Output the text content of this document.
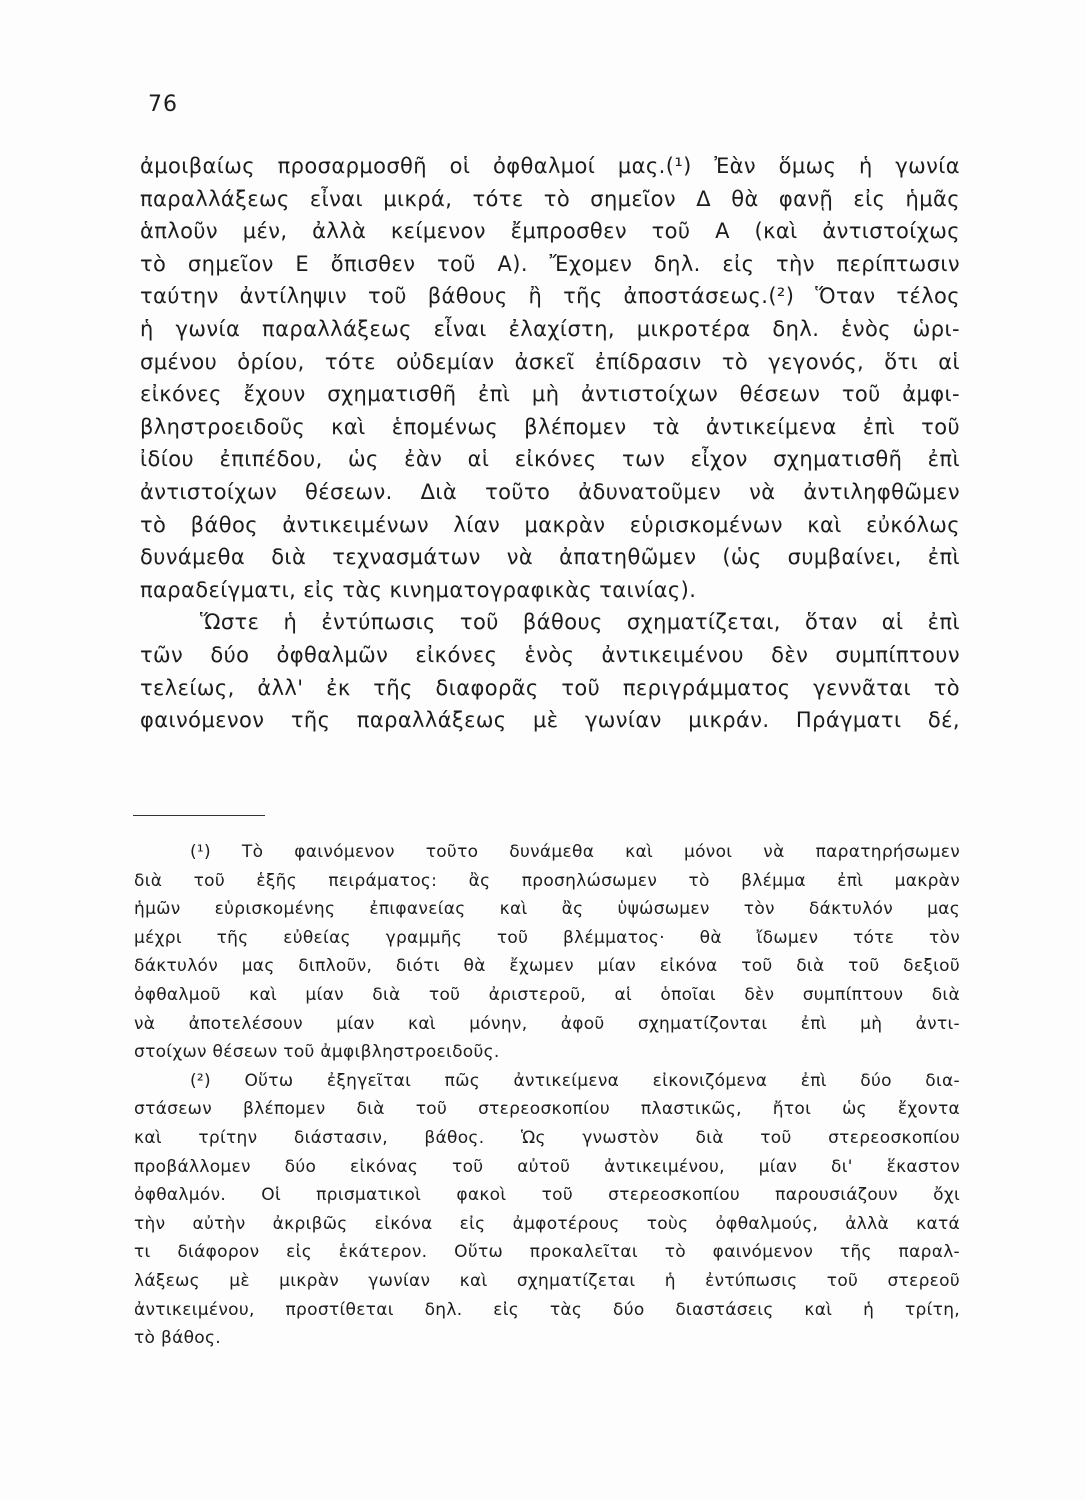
76
ἀμοιβαίως προσαρμοσθῆ οἱ ὀφθαλμοί μας.(¹) Ἐὰν ὅμως ἡ γωνία
παραλλάξεως εἶναι μικρά, τότε τὸ σημεῖον Δ θὰ φανῇ εἰς ἡμᾶς
ἁπλοῦν μέν, ἀλλὰ κείμενον ἔμπροσθεν τοῦ Α (καὶ ἀντιστοίχως
τὸ σημεῖον Ε ὄπισθεν τοῦ Α). Ἔχομεν δηλ. εἰς τὴν περίπτωσιν
ταύτην ἀντίληψιν τοῦ βάθους ἢ τῆς ἀποστάσεως.(²) Ὅταν τέλος
ἡ γωνία παραλλάξεως εἶναι ἐλαχίστη, μικροτέρα δηλ. ἑνὸς ὡρι-
σμένου ὁρίου, τότε οὐδεμίαν ἀσκεῖ ἐπίδρασιν τὸ γεγονός, ὅτι αἱ
εἰκόνες ἔχουν σχηματισθῆ ἐπὶ μὴ ἀντιστοίχων θέσεων τοῦ ἀμφι-
βληστροειδοῦς καὶ ἑπομένως βλέπομεν τὰ ἀντικείμενα ἐπὶ τοῦ
ἰδίου ἐπιπέδου, ὡς ἐὰν αἱ εἰκόνες των εἶχον σχηματισθῆ ἐπὶ
ἀντιστοίχων θέσεων. Διὰ τοῦτο ἀδυνατοῦμεν νὰ ἀντιληφθῶμεν
τὸ βάθος ἀντικειμένων λίαν μακρὰν εὑρισκομένων καὶ εὐκόλως
δυνάμεθα διὰ τεχνασμάτων νὰ ἀπατηθῶμεν (ὡς συμβαίνει, ἐπὶ
παραδείγματι, εἰς τὰς κινηματογραφικὰς ταινίας).
Ὥστε ἡ ἐντύπωσις τοῦ βάθους σχηματίζεται, ὅταν αἱ ἐπὶ
τῶν δύο ὀφθαλμῶν εἰκόνες ἑνὸς ἀντικειμένου δὲν συμπίπτουν
τελείως, ἀλλ' ἐκ τῆς διαφορᾶς τοῦ περιγράμματος γεννᾶται τὸ
φαινόμενον τῆς παραλλάξεως μὲ γωνίαν μικράν. Πράγματι δέ,
(¹) Τὸ φαινόμενον τοῦτο δυνάμεθα καὶ μόνοι νὰ παρατηρήσωμεν
διὰ τοῦ ἑξῆς πειράματος: ἂς προσηλώσωμεν τὸ βλέμμα ἐπὶ μακρὰν
ἡμῶν εὑρισκομένης ἐπιφανείας καὶ ἂς ὑψώσωμεν τὸν δάκτυλόν μας
μέχρι τῆς εὐθείας γραμμῆς τοῦ βλέμματος· θὰ ἴδωμεν τότε τὸν
δάκτυλόν μας διπλοῦν, διότι θὰ ἔχωμεν μίαν εἰκόνα τοῦ διὰ τοῦ δεξιοῦ
ὀφθαλμοῦ καὶ μίαν διὰ τοῦ ἀριστεροῦ, αἱ ὁποῖαι δὲν συμπίπτουν διὰ
νὰ ἀποτελέσουν μίαν καὶ μόνην, ἀφοῦ σχηματίζονται ἐπὶ μὴ ἀντι-
στοίχων θέσεων τοῦ ἀμφιβληστροειδοῦς.
(²) Οὕτω ἐξηγεῖται πῶς ἀντικείμενα εἰκονιζόμενα ἐπὶ δύο δια-
στάσεων βλέπομεν διὰ τοῦ στερεοσκοπίου πλαστικῶς, ἤτοι ὡς ἔχοντα
καὶ τρίτην διάστασιν, βάθος. Ὡς γνωστὸν διὰ τοῦ στερεοσκοπίου
προβάλλομεν δύο εἰκόνας τοῦ αὐτοῦ ἀντικειμένου, μίαν δι' ἕκαστον
ὀφθαλμόν. Οἱ πρισματικοὶ φακοὶ τοῦ στερεοσκοπίου παρουσιάζουν ὄχι
τὴν αὐτὴν ἀκριβῶς εἰκόνα εἰς ἀμφοτέρους τοὺς ὀφθαλμούς, ἀλλὰ κατά
τι διάφορον εἰς ἑκάτερον. Οὕτω προκαλεῖται τὸ φαινόμενον τῆς παραλ-
λάξεως μὲ μικρὰν γωνίαν καὶ σχηματίζεται ἡ ἐντύπωσις τοῦ στερεοῦ
ἀντικειμένου, προστίθεται δηλ. εἰς τὰς δύο διαστάσεις καὶ ἡ τρίτη,
τὸ βάθος.
